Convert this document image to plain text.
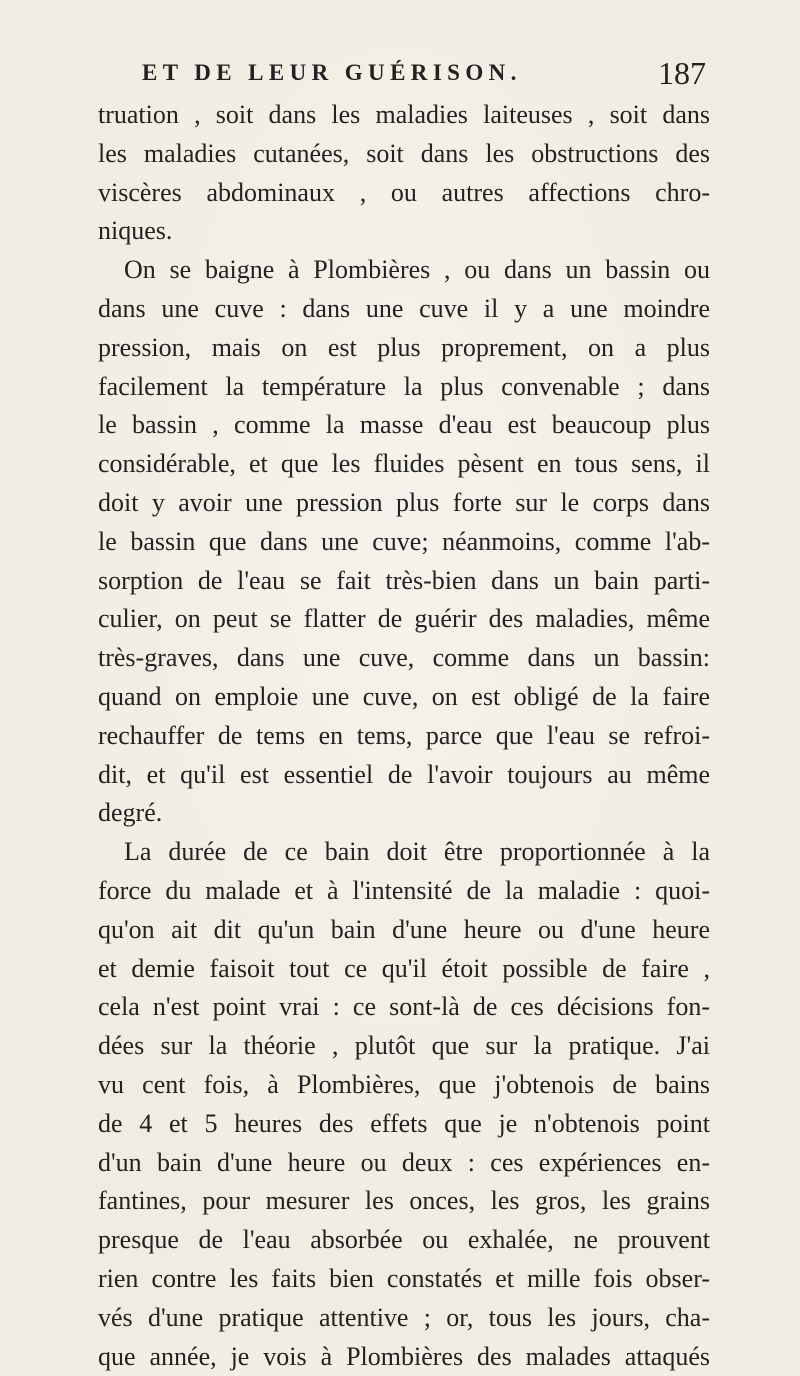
ET DE LEUR GUÉRISON.	187
truation , soit dans les maladies laiteuses , soit dans
les maladies cutanées, soit dans les obstructions des
viscères abdominaux , ou autres affections chro-
niques.
On se baigne à Plombières , ou dans un bassin ou
dans une cuve : dans une cuve il y a une moindre
pression, mais on est plus proprement, on a plus
facilement la température la plus convenable ; dans
le bassin , comme la masse d'eau est beaucoup plus
considérable, et que les fluides pèsent en tous sens, il
doit y avoir une pression plus forte sur le corps dans
le bassin que dans une cuve; néanmoins, comme l'ab-
sorption de l'eau se fait très-bien dans un bain parti-
culier, on peut se flatter de guérir des maladies, même
très-graves, dans une cuve, comme dans un bassin:
quand on emploie une cuve, on est obligé de la faire
rechauffer de tems en tems, parce que l'eau se refroi-
dit, et qu'il est essentiel de l'avoir toujours au même
degré.
La durée de ce bain doit être proportionnée à la
force du malade et à l'intensité de la maladie : quoi-
qu'on ait dit qu'un bain d'une heure ou d'une heure
et demie faisoit tout ce qu'il étoit possible de faire ,
cela n'est point vrai : ce sont-là de ces décisions fon-
dées sur la théorie , plutôt que sur la pratique. J'ai
vu cent fois, à Plombières, que j'obtenois de bains
de 4 et 5 heures des effets que je n'obtenois point
d'un bain d'une heure ou deux : ces expériences en-
fantines, pour mesurer les onces, les gros, les grains
presque de l'eau absorbée ou exhalée, ne prouvent
rien contre les faits bien constatés et mille fois obser-
vés d'une pratique attentive ; or, tous les jours, cha-
que année, je vois à Plombières des malades attaqués
